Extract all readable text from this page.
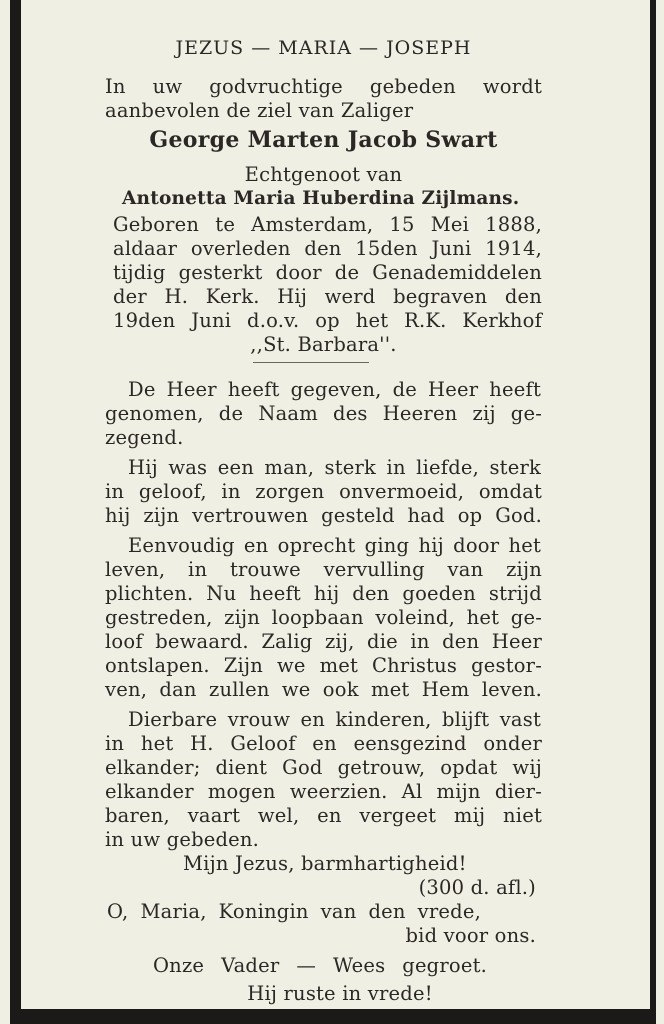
JEZUS — MARIA — JOSEPH
In uw godvruchtige gebeden wordt
aanbevolen de ziel van Zaliger
George Marten Jacob Swart
Echtgenoot van
Antonetta Maria Huberdina Zijlmans.
Geboren te Amsterdam, 15 Mei 1888,
aldaar overleden den 15den Juni 1914,
tijdig gesterkt door de Genademiddelen
der H. Kerk. Hij werd begraven den
19den Juni d.o.v. op het R.K. Kerkhof
,,St. Barbara''.
De Heer heeft gegeven, de Heer heeft
genomen, de Naam des Heeren zij ge-
zegend.
Hij was een man, sterk in liefde, sterk
in geloof, in zorgen onvermoeid, omdat
hij zijn vertrouwen gesteld had op God.
Eenvoudig en oprecht ging hij door het
leven, in trouwe vervulling van zijn
plichten. Nu heeft hij den goeden strijd
gestreden, zijn loopbaan voleind, het ge-
loof bewaard. Zalig zij, die in den Heer
ontslapen. Zijn we met Christus gestor-
ven, dan zullen we ook met Hem leven.
Dierbare vrouw en kinderen, blijft vast
in het H. Geloof en eensgezind onder
elkander; dient God getrouw, opdat wij
elkander mogen weerzien. Al mijn dier-
baren, vaart wel, en vergeet mij niet
in uw gebeden.
Mijn Jezus, barmhartigheid!
(300 d. afl.)
O, Maria, Koningin van den vrede,
bid voor ons.
Onze Vader — Wees gegroet.
Hij ruste in vrede!
